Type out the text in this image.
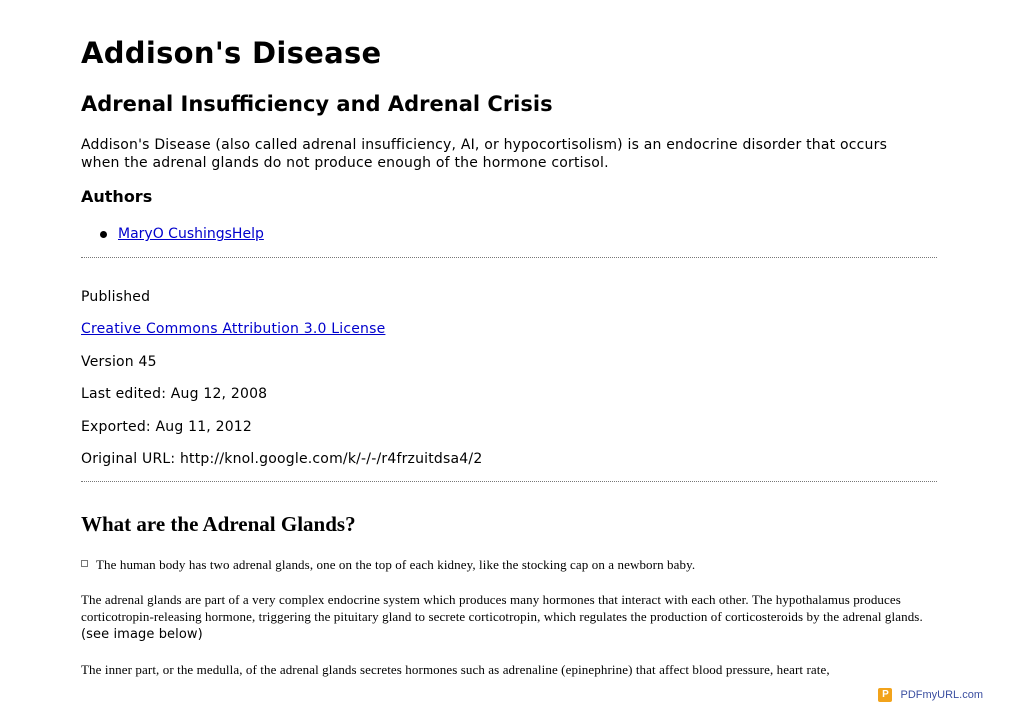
Addison's Disease
Adrenal Insufficiency and Adrenal Crisis

Addison's Disease (also called adrenal insufficiency, AI, or hypocortisolism) is an endocrine disorder that occurs when the adrenal glands do not produce enough of the hormone cortisol.

Authors
MaryO CushingsHelp

Published

Creative Commons Attribution 3.0 License

Version 45

Last edited: Aug 12, 2008

Exported: Aug 11, 2012

Original URL: http://knol.google.com/k/-/-/r4frzuitdsa4/2

What are the Adrenal Glands?

The human body has two adrenal glands, one on the top of each kidney, like the stocking cap on a newborn baby.

The adrenal glands are part of a very complex endocrine system which produces many hormones that interact with each other. The hypothalamus produces corticotropin-releasing hormone, triggering the pituitary gland to secrete corticotropin, which regulates the production of corticosteroids by the adrenal glands. (see image below)

The inner part, or the medulla, of the adrenal glands secretes hormones such as adrenaline (epinephrine) that affect blood pressure, heart rate,

P	PDFmyURL.com
